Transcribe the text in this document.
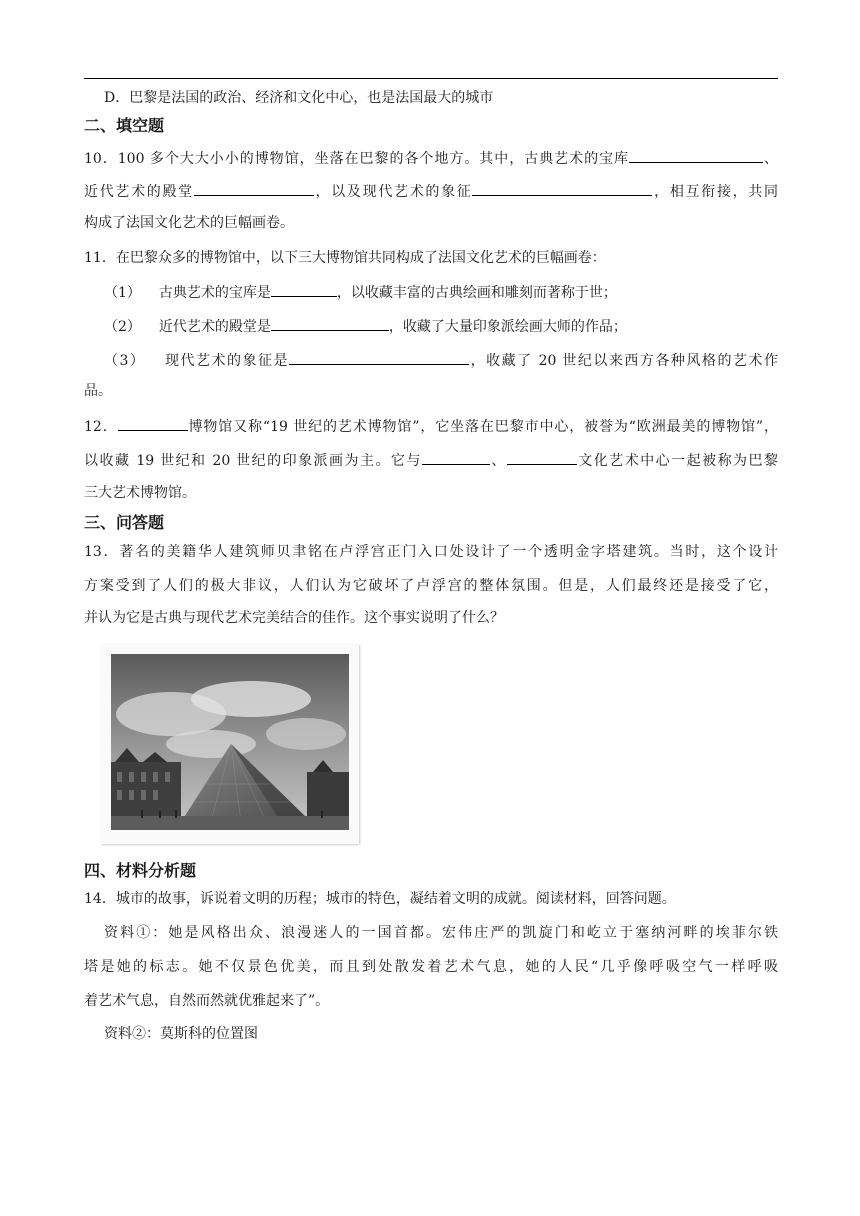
D．巴黎是法国的政治、经济和文化中心，也是法国最大的城市
二、填空题
10．100 多个大大小小的博物馆，坐落在巴黎的各个地方。其中，古典艺术的宝库	、
近代艺术的殿堂	，以及现代艺术的象征	，相互衔接，共同
构成了法国文化艺术的巨幅画卷。
11．在巴黎众多的博物馆中，以下三大博物馆共同构成了法国文化艺术的巨幅画卷：
（1） 古典艺术的宝库是	，以收藏丰富的古典绘画和雕刻而著称于世；
（2） 近代艺术的殿堂是	，收藏了大量印象派绘画大师的作品；
（3） 现代艺术的象征是	，收藏了 20 世纪以来西方各种风格的艺术作
品。
12．	博物馆又称“19 世纪的艺术博物馆”，它坐落在巴黎市中心，被誉为“欧洲最美的博物馆”，
以收藏 19 世纪和 20 世纪的印象派画为主。它与	、	文化艺术中心一起被称为巴黎
三大艺术博物馆。
三、问答题
13．著名的美籍华人建筑师贝聿铭在卢浮宫正门入口处设计了一个透明金字塔建筑。当时，这个设计
方案受到了人们的极大非议，人们认为它破坏了卢浮宫的整体氛围。但是，人们最终还是接受了它，
并认为它是古典与现代艺术完美结合的佳作。这个事实说明了什么？
四、材料分析题
14．城市的故事，诉说着文明的历程；城市的特色，凝结着文明的成就。阅读材料，回答问题。
资料①：她是风格出众、浪漫迷人的一国首都。宏伟庄严的凯旋门和屹立于塞纳河畔的埃菲尔铁
塔是她的标志。她不仅景色优美，而且到处散发着艺术气息，她的人民“几乎像呼吸空气一样呼吸
着艺术气息，自然而然就优雅起来了”。
资料②：莫斯科的位置图
